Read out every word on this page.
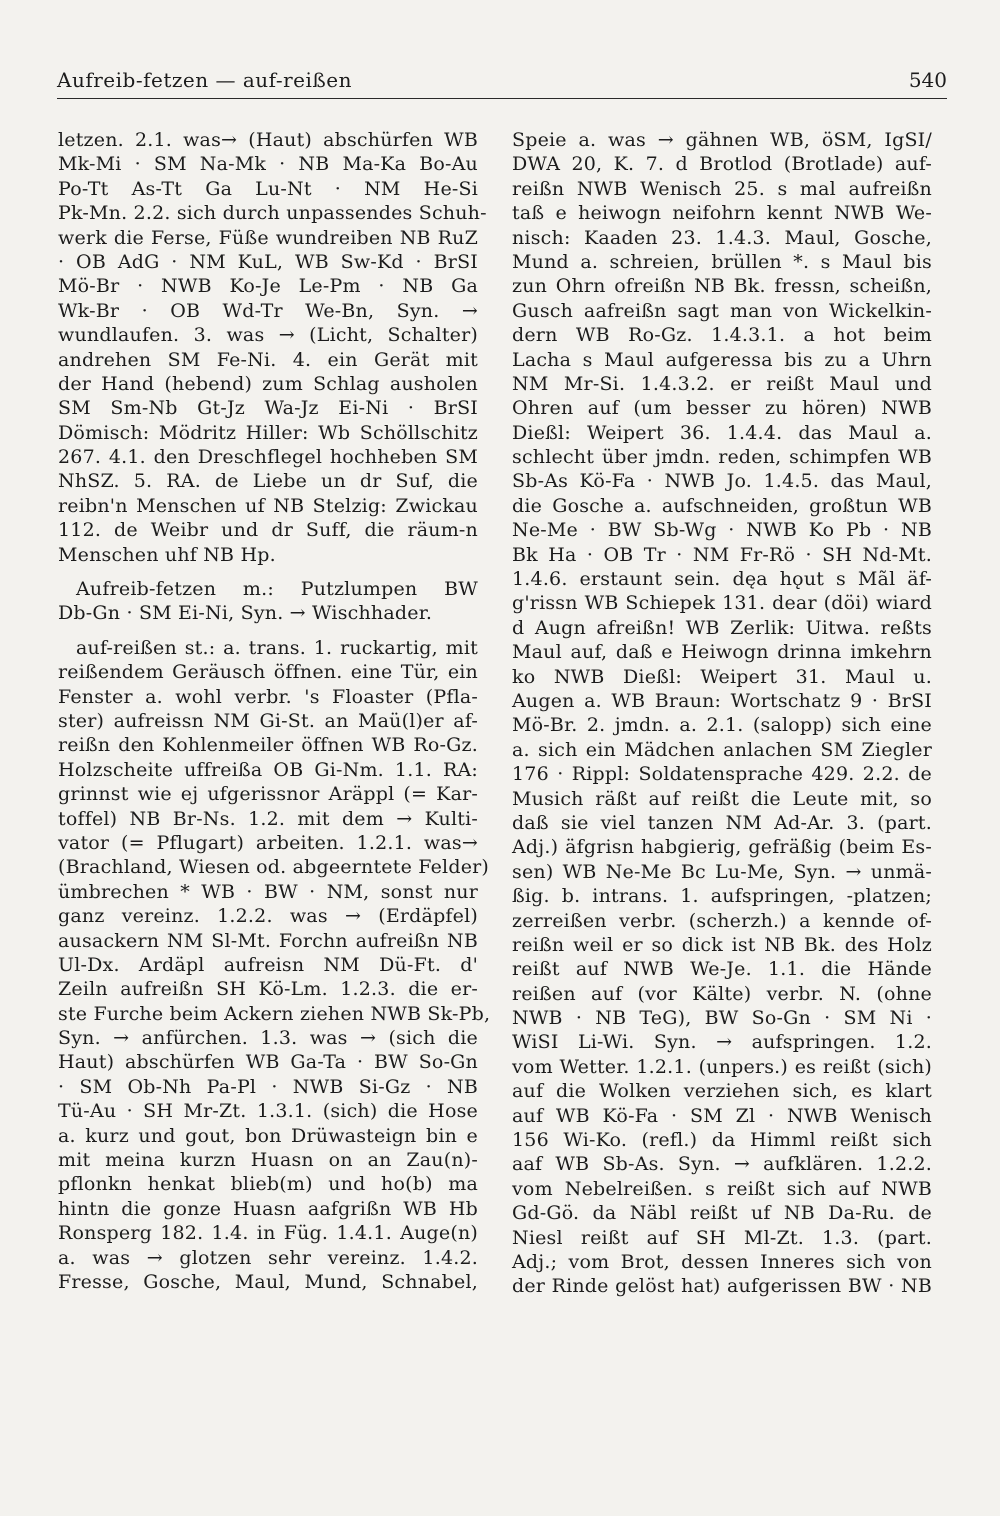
Aufreib-fetzen — auf-reißen	540
letzen. 2.1. was→ (Haut) abschürfen WB
Mk-Mi · SM Na-Mk · NB Ma-Ka Bo-Au
Po-Tt As-Tt Ga Lu-Nt · NM He-Si
Pk-Mn. 2.2. sich durch unpassendes Schuh-
werk die Ferse, Füße wundreiben NB RuZ
· OB AdG · NM KuL, WB Sw-Kd · BrSI
Mö-Br · NWB Ko-Je Le-Pm · NB Ga
Wk-Br · OB Wd-Tr We-Bn, Syn. →
wundlaufen. 3. was → (Licht, Schalter)
andrehen SM Fe-Ni. 4. ein Gerät mit
der Hand (hebend) zum Schlag ausholen
SM Sm-Nb Gt-Jz Wa-Jz Ei-Ni · BrSI
Dömisch: Mödritz Hiller: Wb Schöllschitz
267. 4.1. den Dreschflegel hochheben SM
NhSZ. 5. RA. de Liebe un dr Suf, die
reibn'n Menschen uf NB Stelzig: Zwickau
112. de Weibr und dr Suff, die räum-n
Menschen uhf NB Hp.
Aufreib-fetzen m.: Putzlumpen BW
Db-Gn · SM Ei-Ni, Syn. → Wischhader.
auf-reißen st.: a. trans. 1. ruckartig, mit
reißendem Geräusch öffnen. eine Tür, ein
Fenster a. wohl verbr. 's Floaster (Pfla-
ster) aufreissn NM Gi-St. an Maü(l)er af-
reißn den Kohlenmeiler öffnen WB Ro-Gz.
Holzscheite uffreißa OB Gi-Nm. 1.1. RA:
grinnst wie ej ufgerissnor Aräppl (= Kar-
toffel) NB Br-Ns. 1.2. mit dem → Kulti-
vator (= Pflugart) arbeiten. 1.2.1. was→
(Brachland, Wiesen od. abgeerntete Felder)
ümbrechen * WB · BW · NM, sonst nur
ganz vereinz. 1.2.2. was → (Erdäpfel)
ausackern NM Sl-Mt. Forchn aufreißn NB
Ul-Dx. Ardäpl aufreisn NM Dü-Ft. d'
Zeiln aufreißn SH Kö-Lm. 1.2.3. die er-
ste Furche beim Ackern ziehen NWB Sk-Pb,
Syn. → anfürchen. 1.3. was → (sich die
Haut) abschürfen WB Ga-Ta · BW So-Gn
· SM Ob-Nh Pa-Pl · NWB Si-Gz · NB
Tü-Au · SH Mr-Zt. 1.3.1. (sich) die Hose
a. kurz und gout, bon Drüwasteign bin e
mit meina kurzn Huasn on an Zau(n)-
pflonkn henkat blieb(m) und ho(b) ma
hintn die gonze Huasn aafgrißn WB Hb
Ronsperg 182. 1.4. in Füg. 1.4.1. Auge(n)
a. was → glotzen sehr vereinz. 1.4.2.
Fresse, Gosche, Maul, Mund, Schnabel,
Speie a. was → gähnen WB, öSM, IgSI/
DWA 20, K. 7. d Brotlod (Brotlade) auf-
reißn NWB Wenisch 25. s mal aufreißn
taß e heiwogn neifohrn kennt NWB We-
nisch: Kaaden 23. 1.4.3. Maul, Gosche,
Mund a. schreien, brüllen *. s Maul bis
zun Ohrn ofreißn NB Bk. fressn, scheißn,
Gusch aafreißn sagt man von Wickelkin-
dern WB Ro-Gz. 1.4.3.1. a hot beim
Lacha s Maul aufgeressa bis zu a Uhrn
NM Mr-Si. 1.4.3.2. er reißt Maul und
Ohren auf (um besser zu hören) NWB
Dießl: Weipert 36. 1.4.4. das Maul a.
schlecht über jmdn. reden, schimpfen WB
Sb-As Kö-Fa · NWB Jo. 1.4.5. das Maul,
die Gosche a. aufschneiden, großtun WB
Ne-Me · BW Sb-Wg · NWB Ko Pb · NB
Bk Ha · OB Tr · NM Fr-Rö · SH Nd-Mt.
1.4.6. erstaunt sein. dęa hǫut s Mãl äf-
g'rissn WB Schiepek 131. dear (döi) wiard
d Augn afreißn! WB Zerlik: Uitwa. reßts
Maul auf, daß e Heiwogn drinna imkehrn
ko NWB Dießl: Weipert 31. Maul u.
Augen a. WB Braun: Wortschatz 9 · BrSI
Mö-Br. 2. jmdn. a. 2.1. (salopp) sich eine
a. sich ein Mädchen anlachen SM Ziegler
176 · Rippl: Soldatensprache 429. 2.2. de
Musich räßt auf reißt die Leute mit, so
daß sie viel tanzen NM Ad-Ar. 3. (part.
Adj.) äfgrisn habgierig, gefräßig (beim Es-
sen) WB Ne-Me Bc Lu-Me, Syn. → unmä-
ßig. b. intrans. 1. aufspringen, -platzen;
zerreißen verbr. (scherzh.) a kennde of-
reißn weil er so dick ist NB Bk. des Holz
reißt auf NWB We-Je. 1.1. die Hände
reißen auf (vor Kälte) verbr. N. (ohne
NWB · NB TeG), BW So-Gn · SM Ni ·
WiSI Li-Wi. Syn. → aufspringen. 1.2.
vom Wetter. 1.2.1. (unpers.) es reißt (sich)
auf die Wolken verziehen sich, es klart
auf WB Kö-Fa · SM Zl · NWB Wenisch
156 Wi-Ko. (refl.) da Himml reißt sich
aaf WB Sb-As. Syn. → aufklären. 1.2.2.
vom Nebelreißen. s reißt sich auf NWB
Gd-Gö. da Näbl reißt uf NB Da-Ru. de
Niesl reißt auf SH Ml-Zt. 1.3. (part.
Adj.; vom Brot, dessen Inneres sich von
der Rinde gelöst hat) aufgerissen BW · NB
